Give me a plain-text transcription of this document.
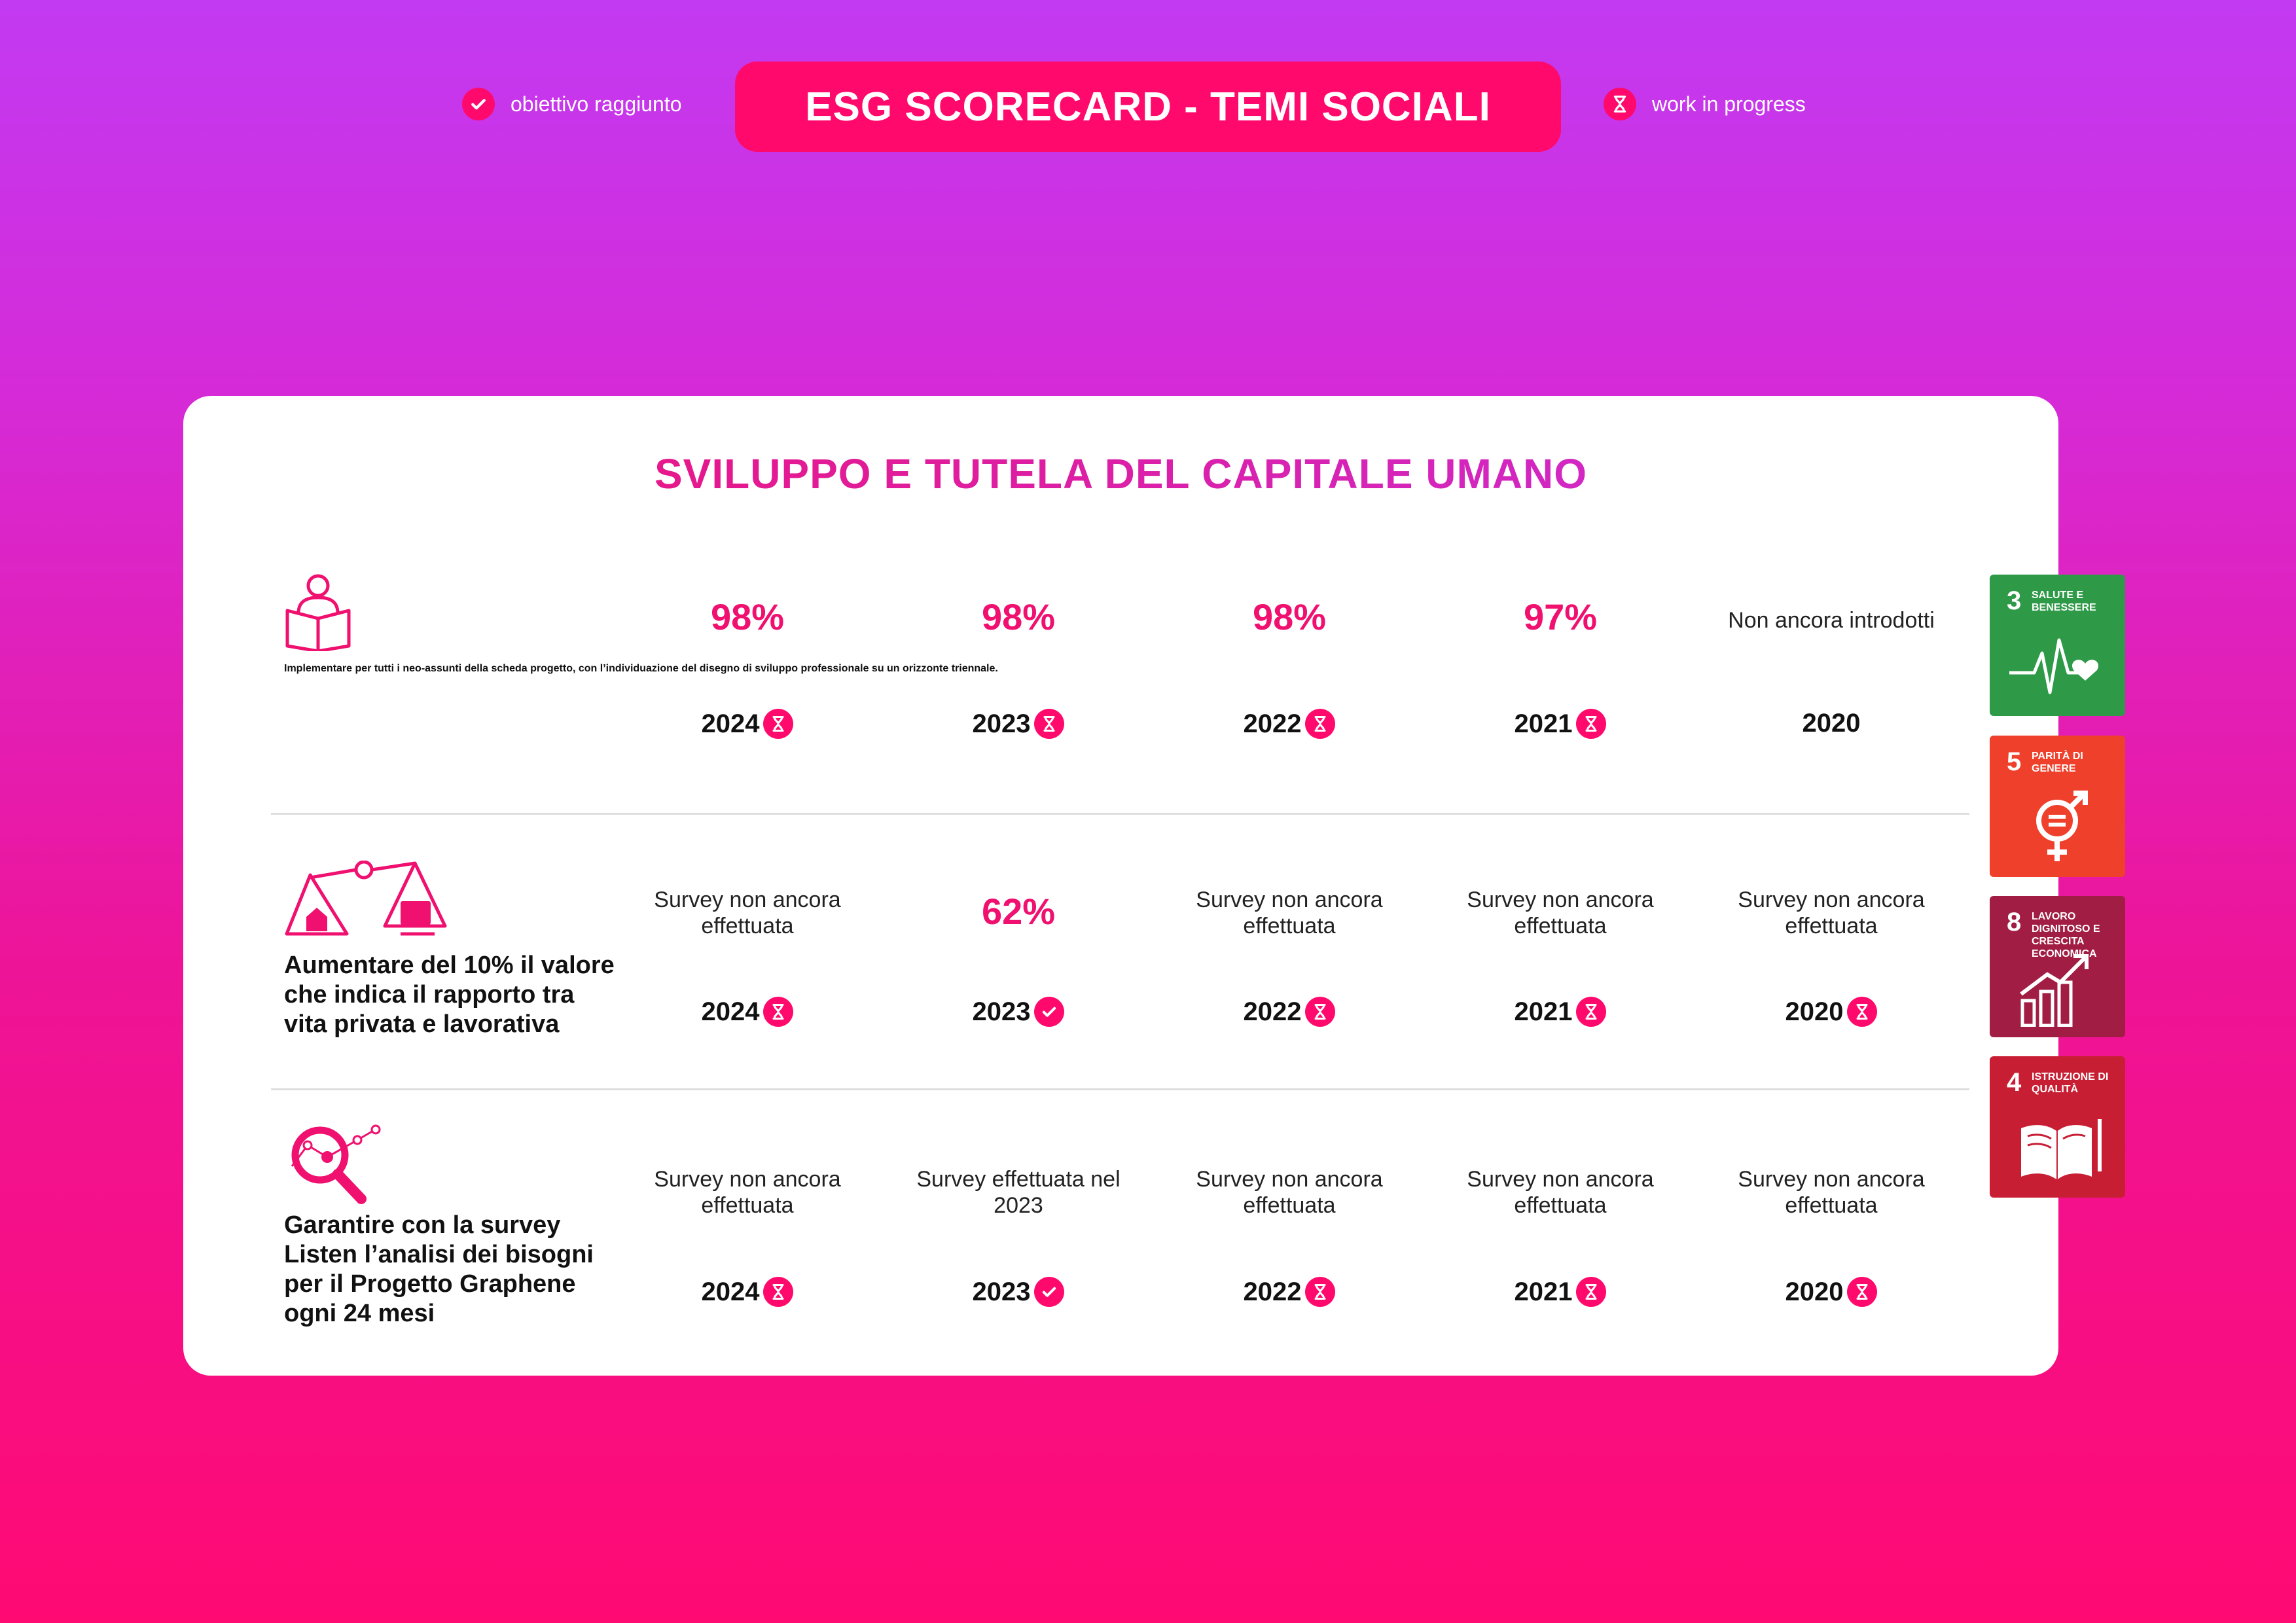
obiettivo raggiunto	ESG SCORECARD - TEMI SOCIALI	work in progress
SVILUPPO E TUTELA DEL CAPITALE UMANO
Implementare per tutti i neo-assunti della scheda progetto, con l’individuazione del disegno di sviluppo professionale su un orizzonte triennale.
98%
2024
98%
2023
98%
2022
97%
2021
Non ancora introdotti
2020
Aumentare del 10% il valore che indica il rapporto tra vita privata e lavorativa
Survey non ancora effettuata
2024
62%
2023
Survey non ancora effettuata
2022
Survey non ancora effettuata
2021
Survey non ancora effettuata
2020
Garantire con la survey Listen l’analisi dei bisogni per il Progetto Graphene ogni 24 mesi
Survey non ancora effettuata
2024
Survey effettuata nel 2023
2023
Survey non ancora effettuata
2022
Survey non ancora effettuata
2021
Survey non ancora effettuata
2020
3 SALUTE E BENESSERE
5 PARITÀ DI GENERE
8 LAVORO DIGNITOSO E CRESCITA ECONOMICA
4 ISTRUZIONE DI QUALITÀ
